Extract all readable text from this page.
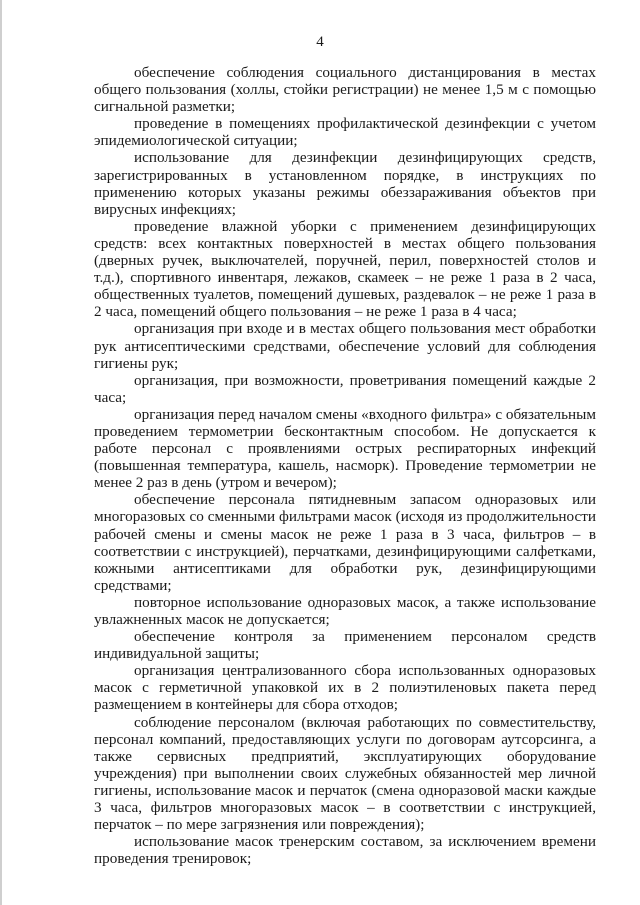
4

обеспечение соблюдения социального дистанцирования в местах общего пользования (холлы, стойки регистрации) не менее 1,5 м с помощью сигнальной разметки;

проведение в помещениях профилактической дезинфекции с учетом эпидемиологической ситуации;

использование для дезинфекции дезинфицирующих средств, зарегистрированных в установленном порядке, в инструкциях по применению которых указаны режимы обеззараживания объектов при вирусных инфекциях;

проведение влажной уборки с применением дезинфицирующих средств: всех контактных поверхностей в местах общего пользования (дверных ручек, выключателей, поручней, перил, поверхностей столов и т.д.), спортивного инвентаря, лежаков, скамеек – не реже 1 раза в 2 часа, общественных туалетов, помещений душевых, раздевалок – не реже 1 раза в 2 часа, помещений общего пользования – не реже 1 раза в 4 часа;

организация при входе и в местах общего пользования мест обработки рук антисептическими средствами, обеспечение условий для соблюдения гигиены рук;

организация, при возможности, проветривания помещений каждые 2 часа;

организация перед началом смены «входного фильтра» с обязательным проведением термометрии бесконтактным способом. Не допускается к работе персонал с проявлениями острых респираторных инфекций (повышенная температура, кашель, насморк). Проведение термометрии не менее 2 раз в день (утром и вечером);

обеспечение персонала пятидневным запасом одноразовых или многоразовых со сменными фильтрами масок (исходя из продолжительности рабочей смены и смены масок не реже 1 раза в 3 часа, фильтров – в соответствии с инструкцией), перчатками, дезинфицирующими салфетками, кожными антисептиками для обработки рук, дезинфицирующими средствами;

повторное использование одноразовых масок, а также использование увлажненных масок не допускается;

обеспечение контроля за применением персоналом средств индивидуальной защиты;

организация централизованного сбора использованных одноразовых масок с герметичной упаковкой их в 2 полиэтиленовых пакета перед размещением в контейнеры для сбора отходов;

соблюдение персоналом (включая работающих по совместительству, персонал компаний, предоставляющих услуги по договорам аутсорсинга, а также сервисных предприятий, эксплуатирующих оборудование учреждения) при выполнении своих служебных обязанностей мер личной гигиены, использование масок и перчаток (смена одноразовой маски каждые 3 часа, фильтров многоразовых масок – в соответствии с инструкцией, перчаток – по мере загрязнения или повреждения);

использование масок тренерским составом, за исключением времени проведения тренировок;
